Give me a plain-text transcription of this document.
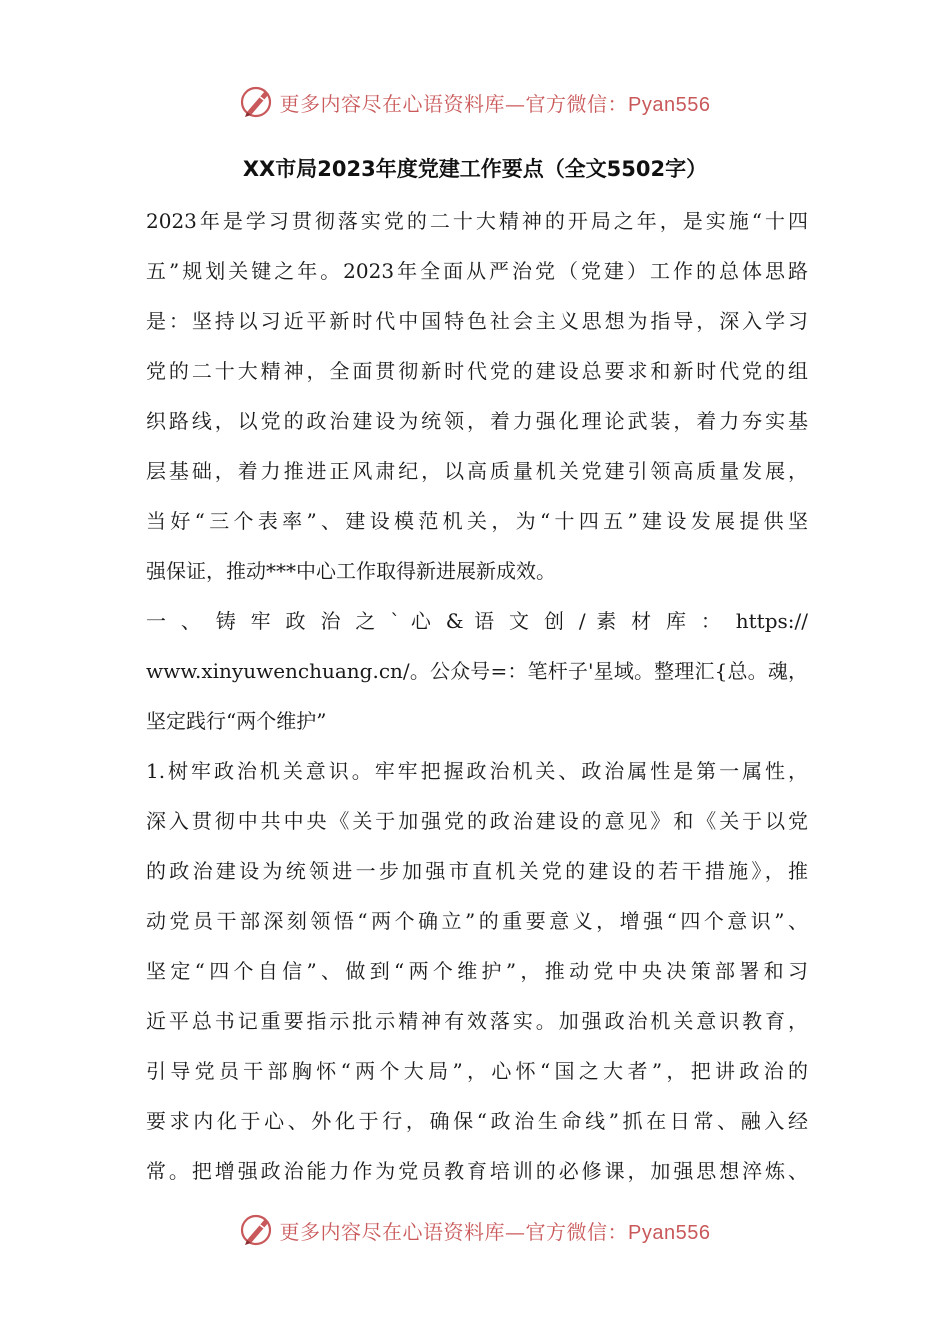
更多内容尽在心语资料库—官方微信：Pyan556
XX市局2023年度党建工作要点（全文5502字）
2023年是学习贯彻落实党的二十大精神的开局之年，是实施“十四
五”规划关键之年。2023年全面从严治党（党建）工作的总体思路
是：坚持以习近平新时代中国特色社会主义思想为指导，深入学习
党的二十大精神，全面贯彻新时代党的建设总要求和新时代党的组
织路线，以党的政治建设为统领，着力强化理论武装，着力夯实基
层基础，着力推进正风肃纪，以高质量机关党建引领高质量发展，
当好“三个表率”、建设模范机关，为“十四五”建设发展提供坚
强保证，推动***中心工作取得新进展新成效。
一 、 铸 牢 政 治 之 ` 心 & 语 文 创 / 素 材 库 ： https://
www.xinyuwenchuang.cn/。公众号=：笔杆子'星域。整理汇{总。魂，
坚定践行“两个维护”
1.树牢政治机关意识。牢牢把握政治机关、政治属性是第一属性，
深入贯彻中共中央《关于加强党的政治建设的意见》和《关于以党
的政治建设为统领进一步加强市直机关党的建设的若干措施》，推
动党员干部深刻领悟“两个确立”的重要意义，增强“四个意识”、
坚定“四个自信”、做到“两个维护”，推动党中央决策部署和习
近平总书记重要指示批示精神有效落实。加强政治机关意识教育，
引导党员干部胸怀“两个大局”，心怀“国之大者”，把讲政治的
要求内化于心、外化于行，确保“政治生命线”抓在日常、融入经
常。把增强政治能力作为党员教育培训的必修课，加强思想淬炼、
更多内容尽在心语资料库—官方微信：Pyan556
